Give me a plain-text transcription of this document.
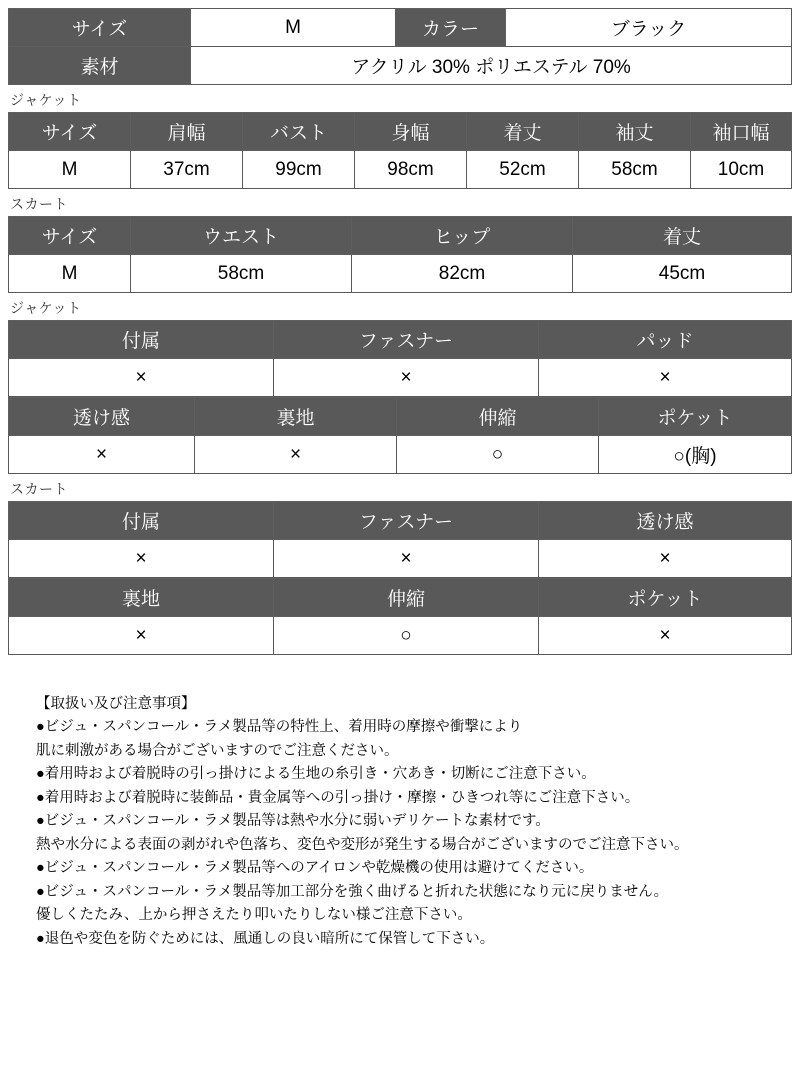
サイズ	M	カラー	ブラック
素材	アクリル 30% ポリエステル 70%		
ジャケット
サイズ	肩幅	バスト	身幅	着丈	袖丈	袖口幅
M	37cm	99cm	98cm	52cm	58cm	10cm
スカート
サイズ	ウエスト	ヒップ	着丈
M	58cm	82cm	45cm
ジャケット
付属	ファスナー	パッド
×	×	×
透け感	裏地	伸縮	ポケット
×	×	○	○(胸)
スカート
付属	ファスナー	透け感
×	×	×
裏地	伸縮	ポケット
×	○	×
【取扱い及び注意事項】
●ビジュ・スパンコール・ラメ製品等の特性上、着用時の摩擦や衝撃により
肌に刺激がある場合がございますのでご注意ください。
●着用時および着脱時の引っ掛けによる生地の糸引き・穴あき・切断にご注意下さい。
●着用時および着脱時に装飾品・貴金属等への引っ掛け・摩擦・ひきつれ等にご注意下さい。
●ビジュ・スパンコール・ラメ製品等は熱や水分に弱いデリケートな素材です。
熱や水分による表面の剥がれや色落ち、変色や変形が発生する場合がございますのでご注意下さい。
●ビジュ・スパンコール・ラメ製品等へのアイロンや乾燥機の使用は避けてください。
●ビジュ・スパンコール・ラメ製品等加工部分を強く曲げると折れた状態になり元に戻りません。
優しくたたみ、上から押さえたり叩いたりしない様ご注意下さい。
●退色や変色を防ぐためには、風通しの良い暗所にて保管して下さい。
